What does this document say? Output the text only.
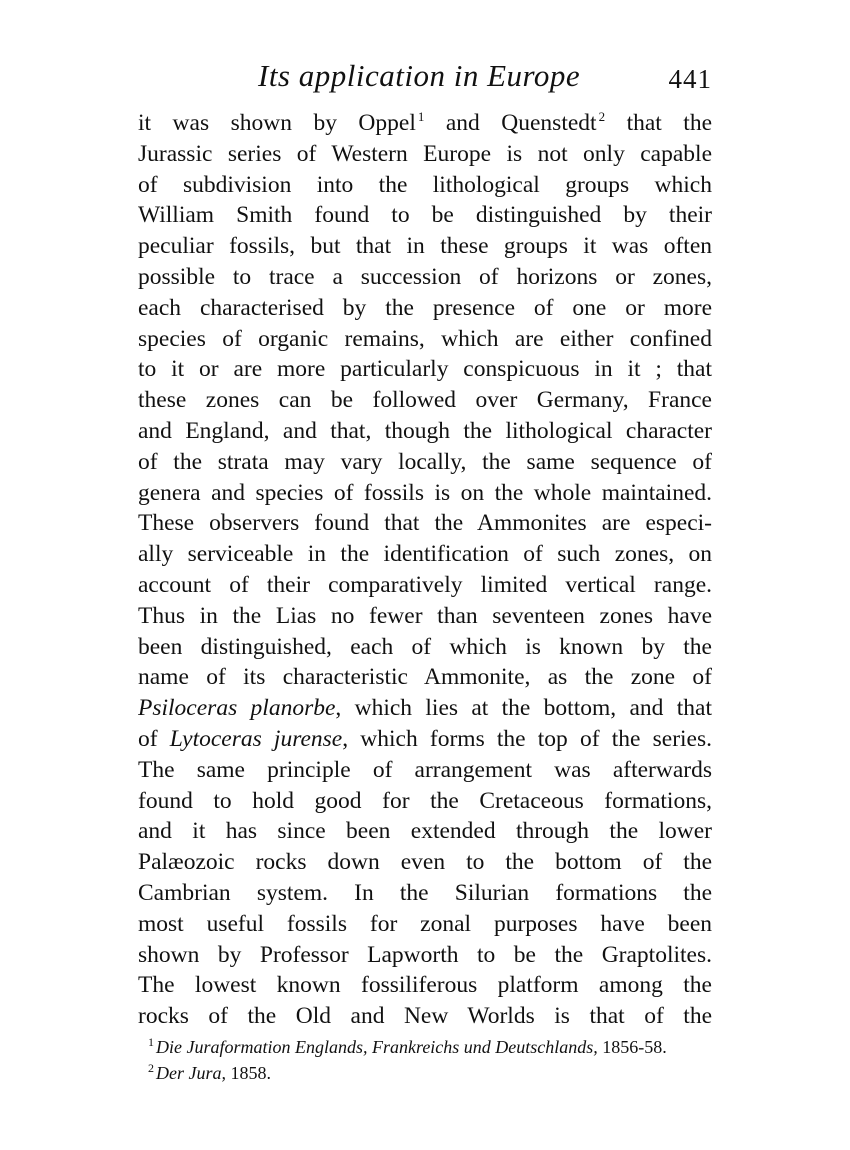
Its application in Europe	441
it was shown by Oppel $^1$ and Quenstedt $^2$ that the
Jurassic series of Western Europe is not only capable
of subdivision into the lithological groups which
William Smith found to be distinguished by their
peculiar fossils, but that in these groups it was often
possible to trace a succession of horizons or zones,
each characterised by the presence of one or more
species of organic remains, which are either confined
to it or are more particularly conspicuous in it ; that
these zones can be followed over Germany, France
and England, and that, though the lithological character
of the strata may vary locally, the same sequence of
genera and species of fossils is on the whole maintained.
These observers found that the Ammonites are especi-
ally serviceable in the identification of such zones, on
account of their comparatively limited vertical range.
Thus in the Lias no fewer than seventeen zones have
been distinguished, each of which is known by the
name of its characteristic Ammonite, as the zone of
Psiloceras planorbe, which lies at the bottom, and that
of Lytoceras jurense, which forms the top of the series.
The same principle of arrangement was afterwards
found to hold good for the Cretaceous formations,
and it has since been extended through the lower
Palæozoic rocks down even to the bottom of the
Cambrian system. In the Silurian formations the
most useful fossils for zonal purposes have been
shown by Professor Lapworth to be the Graptolites.
The lowest known fossiliferous platform among the
rocks of the Old and New Worlds is that of the
$^1$ Die Juraformation Englands, Frankreichs und Deutschlands, 1856-58.
$^2$ Der Jura, 1858.
